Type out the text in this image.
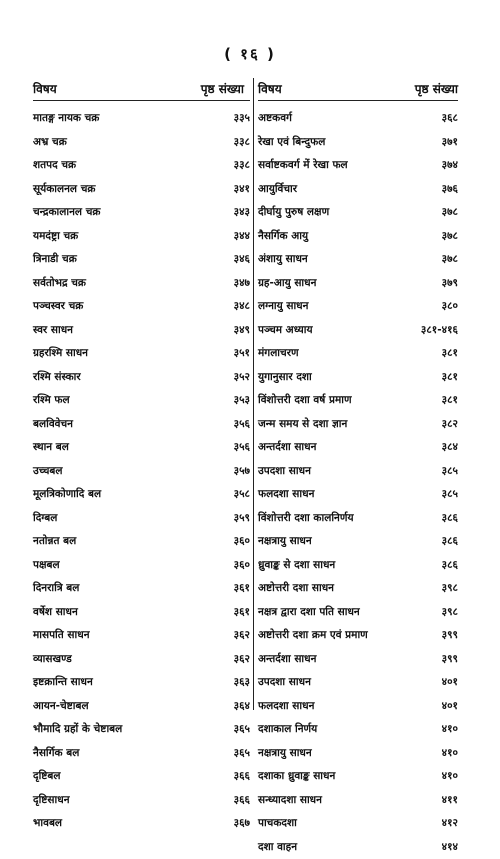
( १६ )
विषय	पृष्ठ संख्या
मातङ्ग नायक चक्र	३३५
अभ्र चक्र	३३८
शतपद चक्र	३३८
सूर्यकालनल चक्र	३४१
चन्द्रकालानल चक्र	३४३
यमदंष्ट्रा चक्र	३४४
त्रिनाडी चक्र	३४६
सर्वतोभद्र चक्र	३४७
पञ्चस्वर चक्र	३४८
स्वर साधन	३४९
ग्रहरश्मि साधन	३५१
रश्मि संस्कार	३५२
रश्मि फल	३५३
बलविवेचन	३५६
स्थान बल	३५६
उच्चबल	३५७
मूलत्रिकोणादि बल	३५८
दिग्बल	३५९
नतोन्नत बल	३६०
पक्षबल	३६०
दिनरात्रि बल	३६१
वर्षेश साधन	३६१
मासपति साधन	३६२
व्यासखण्ड	३६२
इष्टक्रान्ति साधन	३६३
आयन-चेष्टाबल	३६४
भौमादि ग्रहों के चेष्टाबल	३६५
नैसर्गिक बल	३६५
दृष्टिबल	३६६
दृष्टिसाधन	३६६
भावबल	३६७
विषय	पृष्ठ संख्या
अष्टकवर्ग	३६८
रेखा एवं बिन्दुफल	३७१
सर्वाष्टकवर्ग में रेखा फल	३७४
आयुर्विचार	३७६
दीर्घायु पुरुष लक्षण	३७८
नैसर्गिक आयु	३७८
अंशायु साधन	३७८
ग्रह-आयु साधन	३७९
लग्नायु साधन	३८०
पञ्चम अध्याय	३८१-४१६
मंगलाचरण	३८१
युगानुसार दशा	३८१
विंशोत्तरी दशा वर्ष प्रमाण	३८१
जन्म समय से दशा ज्ञान	३८२
अन्तर्दशा साधन	३८४
उपदशा साधन	३८५
फलदशा साधन	३८५
विंशोत्तरी दशा कालनिर्णय	३८६
नक्षत्रायु साधन	३८६
ध्रुवाङ्क से दशा साधन	३८६
अष्टोत्तरी दशा साधन	३९८
नक्षत्र द्वारा दशा पति साधन	३९८
अष्टोत्तरी दशा क्रम एवं प्रमाण	३९९
अन्तर्दशा साधन	३९९
उपदशा साधन	४०१
फलदशा साधन	४०१
दशाकाल निर्णय	४१०
नक्षत्रायु साधन	४१०
दशाका ध्रुवाङ्क साधन	४१०
सन्ध्यादशा साधन	४११
पाचकदशा	४१२
दशा वाहन	४१४
